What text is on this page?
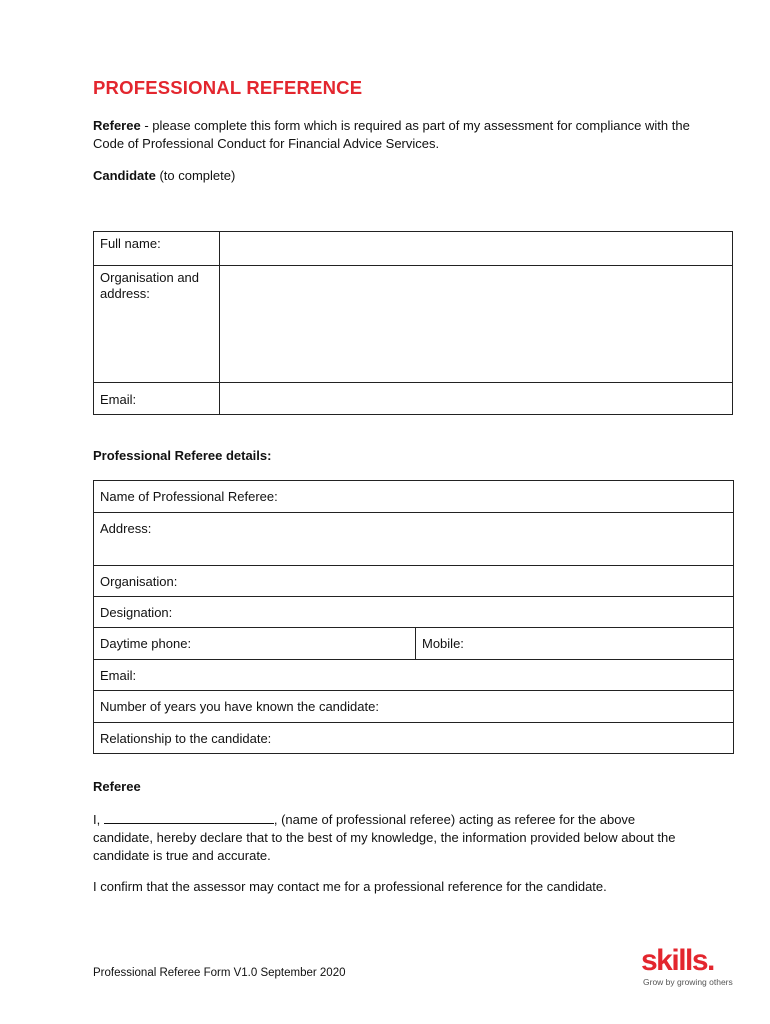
PROFESSIONAL REFERENCE
Referee - please complete this form which is required as part of my assessment for compliance with the Code of Professional Conduct for Financial Advice Services.
Candidate (to complete)
Full name:	
Organisation and address:	
Email:	
Professional Referee details:
Name of Professional Referee:
Address:
Organisation:
Designation:
Daytime phone:	Mobile:
Email:
Number of years you have known the candidate:
Relationship to the candidate:
Referee
I,	, (name of professional referee) acting as referee for the above candidate, hereby declare that to the best of my knowledge, the information provided below about the candidate is true and accurate.
I confirm that the assessor may contact me for a professional reference for the candidate.
Professional Referee Form V1.0 September 2020	skills.
Grow by growing others
